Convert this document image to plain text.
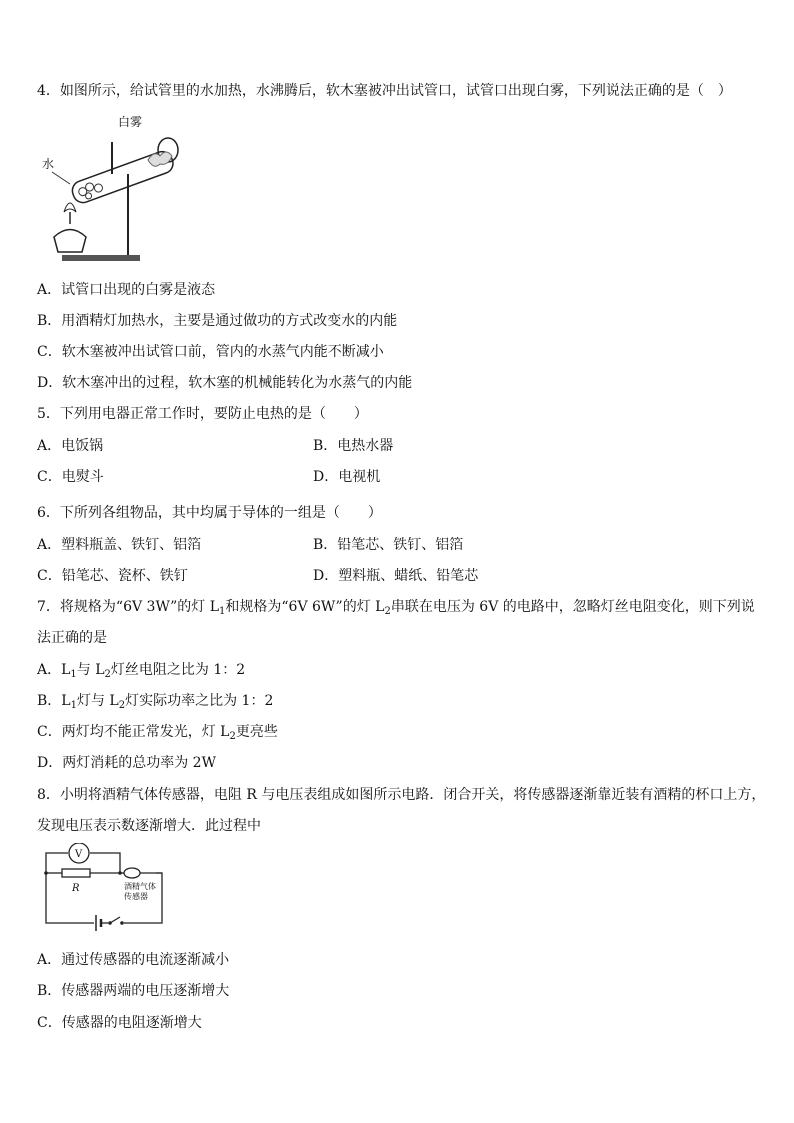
4．如图所示，给试管里的水加热，水沸腾后，软木塞被冲出试管口，试管口出现白雾，下列说法正确的是（　）
白雾
水
A．试管口出现的白雾是液态
B．用酒精灯加热水，主要是通过做功的方式改变水的内能
C．软木塞被冲出试管口前，管内的水蒸气内能不断减小
D．软木塞冲出的过程，软木塞的机械能转化为水蒸气的内能
5．下列用电器正常工作时，要防止电热的是（　　）
A．电饭锅	B．电热水器
C．电熨斗	D．电视机
6．下所列各组物品，其中均属于导体的一组是（　　）
A．塑料瓶盖、铁钉、铝箔	B．铅笔芯、铁钉、铝箔
C．铅笔芯、瓷杯、铁钉	D．塑料瓶、蜡纸、铅笔芯
7．将规格为“6V 3W”的灯 $L_1$和规格为“6V 6W”的灯 $L_2$串联在电压为 6V 的电路中，忽略灯丝电阻变化，则下列说
法正确的是
A．$L_1$与 $L_2$灯丝电阻之比为 1：2
B．$L_1$灯与 $L_2$灯实际功率之比为 1：2
C．两灯均不能正常发光，灯 $L_2$更亮些
D．两灯消耗的总功率为 2W
8．小明将酒精气体传感器，电阻 R 与电压表组成如图所示电路．闭合开关，将传感器逐渐靠近装有酒精的杯口上方，
发现电压表示数逐渐增大．此过程中
V
R	酒精气体
传感器
A．通过传感器的电流逐渐减小
B．传感器两端的电压逐渐增大
C．传感器的电阻逐渐增大
